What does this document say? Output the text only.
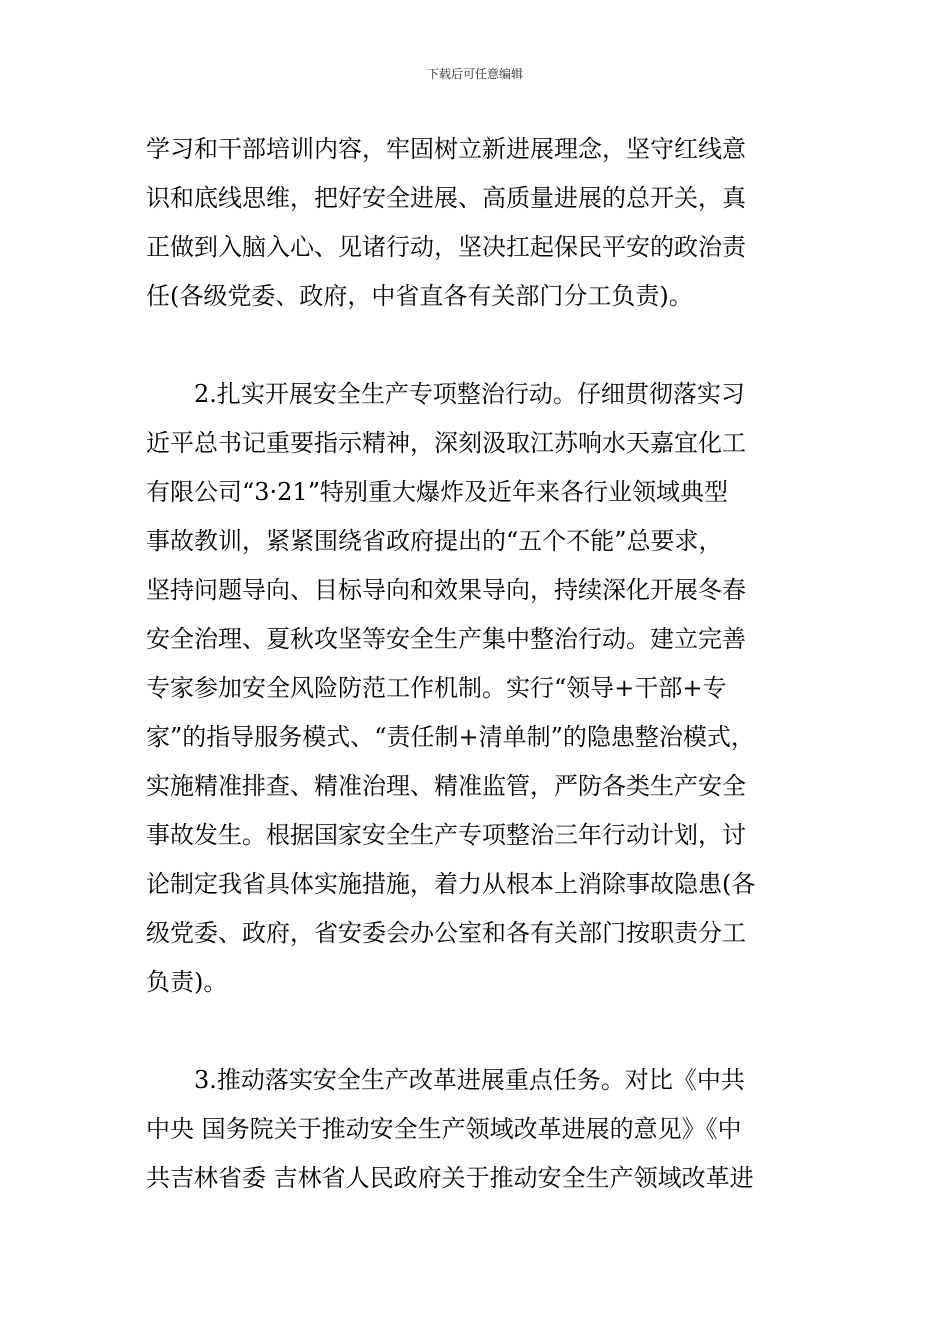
下载后可任意编辑
学习和干部培训内容，牢固树立新进展理念，坚守红线意
识和底线思维，把好安全进展、高质量进展的总开关，真
正做到入脑入心、见诸行动，坚决扛起保民平安的政治责
任(各级党委、政府，中省直各有关部门分工负责)。
　　2.扎实开展安全生产专项整治行动。仔细贯彻落实习
近平总书记重要指示精神，深刻汲取江苏响水天嘉宜化工
有限公司“3·21”特别重大爆炸及近年来各行业领域典型
事故教训，紧紧围绕省政府提出的“五个不能”总要求，
坚持问题导向、目标导向和效果导向，持续深化开展冬春
安全治理、夏秋攻坚等安全生产集中整治行动。建立完善
专家参加安全风险防范工作机制。实行“领导+干部+专
家”的指导服务模式、“责任制+清单制”的隐患整治模式，
实施精准排查、精准治理、精准监管，严防各类生产安全
事故发生。根据国家安全生产专项整治三年行动计划，讨
论制定我省具体实施措施，着力从根本上消除事故隐患(各
级党委、政府，省安委会办公室和各有关部门按职责分工
负责)。
　　3.推动落实安全生产改革进展重点任务。对比《中共
中央 国务院关于推动安全生产领域改革进展的意见》《中
共吉林省委 吉林省人民政府关于推动安全生产领域改革进
